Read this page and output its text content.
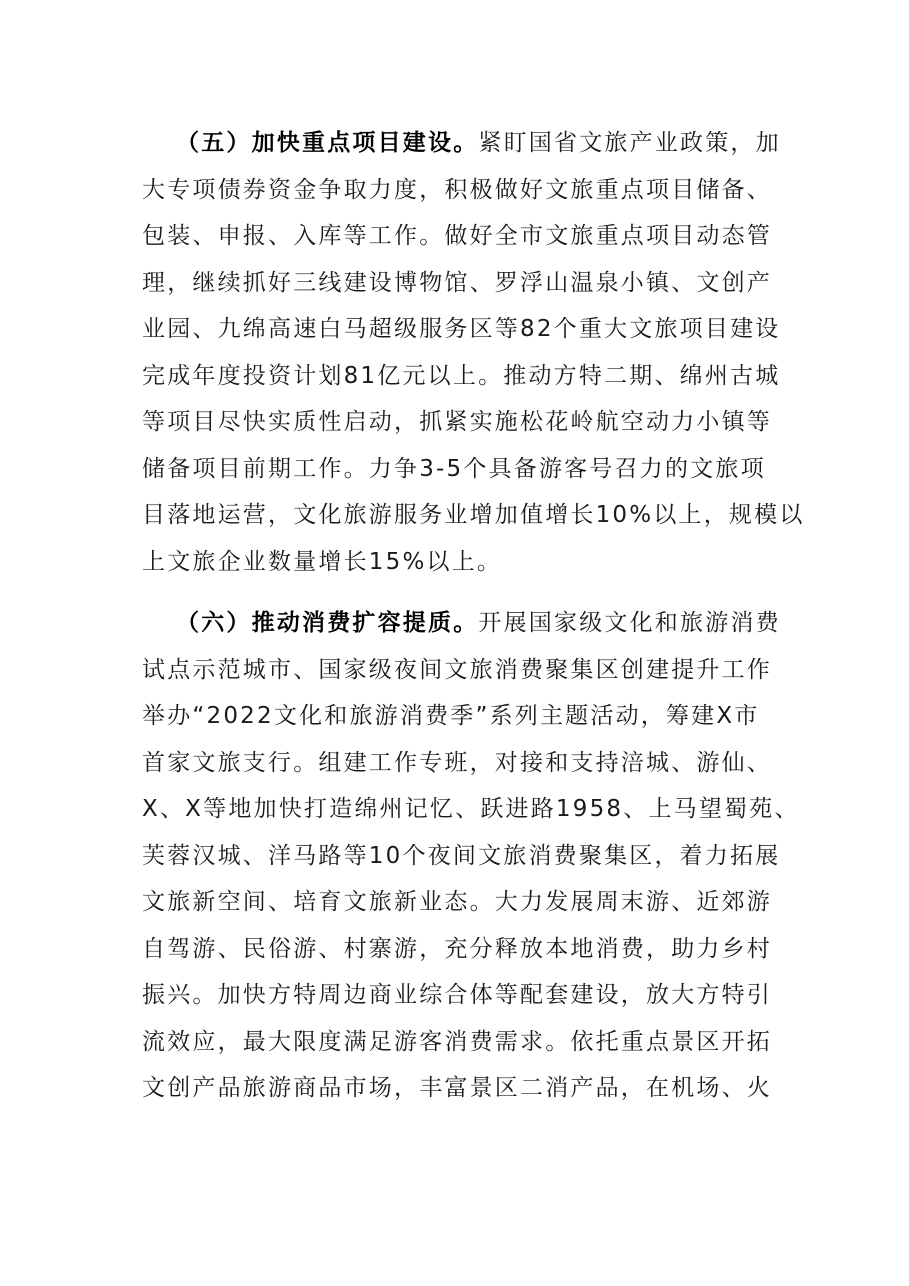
（五）加快重点项目建设。紧盯国省文旅产业政策，加
大专项债券资金争取力度，积极做好文旅重点项目储备、
包装、申报、入库等工作。做好全市文旅重点项目动态管
理，继续抓好三线建设博物馆、罗浮山温泉小镇、文创产
业园、九绵高速白马超级服务区等82个重大文旅项目建设
完成年度投资计划81亿元以上。推动方特二期、绵州古城
等项目尽快实质性启动，抓紧实施松花岭航空动力小镇等
储备项目前期工作。力争3-5个具备游客号召力的文旅项
目落地运营，文化旅游服务业增加值增长10%以上，规模以
上文旅企业数量增长15%以上。

（六）推动消费扩容提质。开展国家级文化和旅游消费
试点示范城市、国家级夜间文旅消费聚集区创建提升工作
举办“2022文化和旅游消费季”系列主题活动，筹建X市
首家文旅支行。组建工作专班，对接和支持涪城、游仙、
X、X等地加快打造绵州记忆、跃进路1958、上马望蜀苑、
芙蓉汉城、洋马路等10个夜间文旅消费聚集区，着力拓展
文旅新空间、培育文旅新业态。大力发展周末游、近郊游
自驾游、民俗游、村寨游，充分释放本地消费，助力乡村
振兴。加快方特周边商业综合体等配套建设，放大方特引
流效应，最大限度满足游客消费需求。依托重点景区开拓
文创产品旅游商品市场，丰富景区二消产品，在机场、火
